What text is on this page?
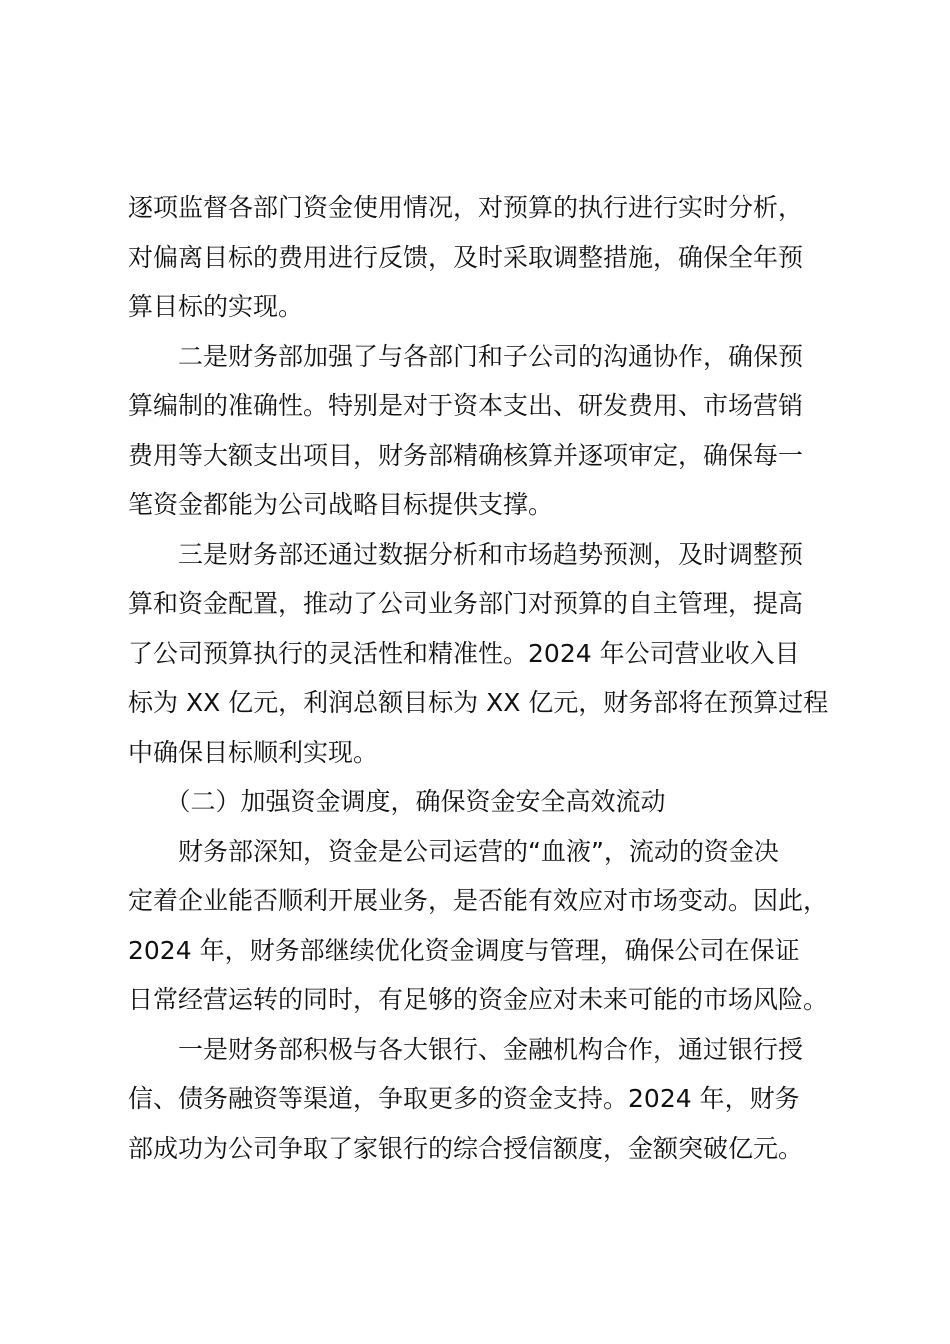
逐项监督各部门资金使用情况，对预算的执行进行实时分析，
对偏离目标的费用进行反馈，及时采取调整措施，确保全年预
算目标的实现。
　　二是财务部加强了与各部门和子公司的沟通协作，确保预
算编制的准确性。特别是对于资本支出、研发费用、市场营销
费用等大额支出项目，财务部精确核算并逐项审定，确保每一
笔资金都能为公司战略目标提供支撑。
　　三是财务部还通过数据分析和市场趋势预测，及时调整预
算和资金配置，推动了公司业务部门对预算的自主管理，提高
了公司预算执行的灵活性和精准性。2024 年公司营业收入目
标为 XX 亿元，利润总额目标为 XX 亿元，财务部将在预算过程
中确保目标顺利实现。
　　（二）加强资金调度，确保资金安全高效流动
　　财务部深知，资金是公司运营的“血液”，流动的资金决
定着企业能否顺利开展业务，是否能有效应对市场变动。因此，
2024 年，财务部继续优化资金调度与管理，确保公司在保证
日常经营运转的同时，有足够的资金应对未来可能的市场风险。
　　一是财务部积极与各大银行、金融机构合作，通过银行授
信、债务融资等渠道，争取更多的资金支持。2024 年，财务
部成功为公司争取了家银行的综合授信额度，金额突破亿元。
